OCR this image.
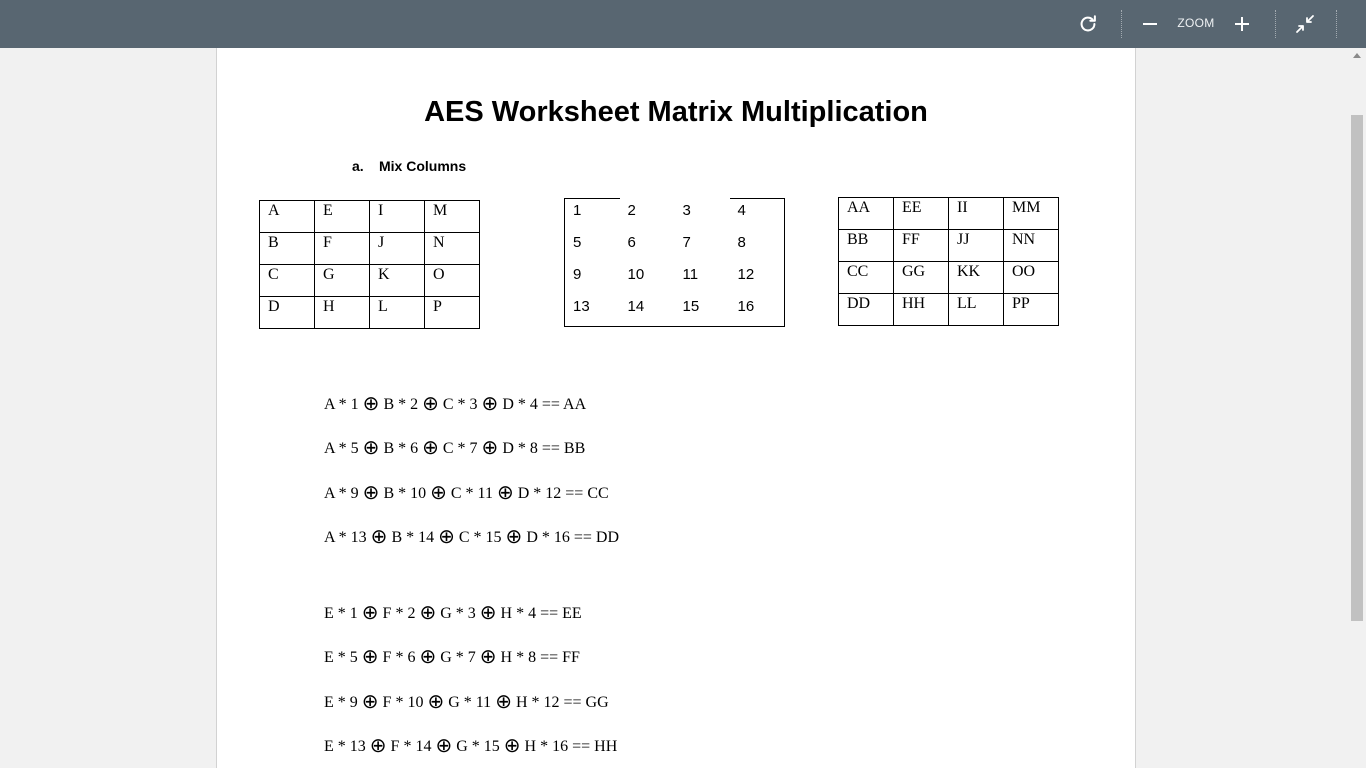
ZOOM
AES Worksheet Matrix Multiplication
a. Mix Columns
A	E	I	M
B	F	J	N
C	G	K	O
D	H	L	P
1	2	3	4
5	6	7	8
9	10	11	12
13	14	15	16
AA	EE	II	MM
BB	FF	JJ	NN
CC	GG	KK	OO
DD	HH	LL	PP
A * 1 ⊕ B * 2 ⊕ C * 3 ⊕ D * 4 == AA
A * 5 ⊕ B * 6 ⊕ C * 7 ⊕ D * 8 == BB
A * 9 ⊕ B * 10 ⊕ C * 11 ⊕ D * 12 == CC
A * 13 ⊕ B * 14 ⊕ C * 15 ⊕ D * 16 == DD
E * 1 ⊕ F * 2 ⊕ G * 3 ⊕ H * 4 == EE
E * 5 ⊕ F * 6 ⊕ G * 7 ⊕ H * 8 == FF
E * 9 ⊕ F * 10 ⊕ G * 11 ⊕ H * 12 == GG
E * 13 ⊕ F * 14 ⊕ G * 15 ⊕ H * 16 == HH
